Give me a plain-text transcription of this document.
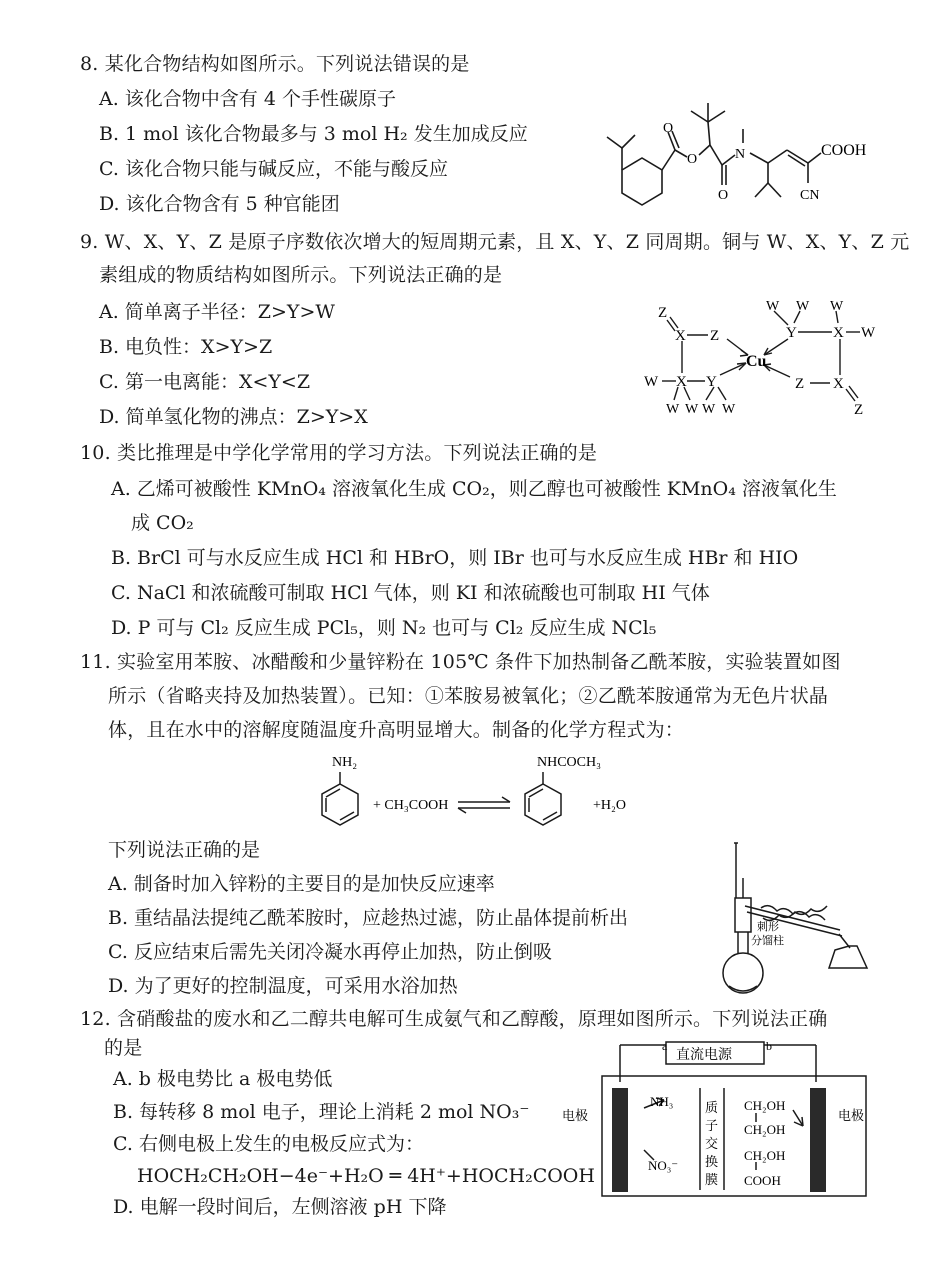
8. 某化合物结构如图所示。下列说法错误的是
A. 该化合物中含有 4 个手性碳原子
B. 1 mol 该化合物最多与 3 mol H₂ 发生加成反应
C. 该化合物只能与碱反应，不能与酸反应
D. 该化合物含有 5 种官能团
O
O
O
N	COOH
CN
9. W、X、Y、Z 是原子序数依次增大的短周期元素，且 X、Y、Z 同周期。铜与 W、X、Y、Z 元
素组成的物质结构如图所示。下列说法正确的是
A. 简单离子半径：Z>Y>W
B. 电负性：X>Y>Z
C. 第一电离能：X<Y<Z
D. 简单氢化物的沸点：Z>Y>X
Z
X Z
W X Y
W W W W
Cu
W W W
Y X W
Z X
Z
10. 类比推理是中学化学常用的学习方法。下列说法正确的是
A. 乙烯可被酸性 KMnO₄ 溶液氧化生成 CO₂，则乙醇也可被酸性 KMnO₄ 溶液氧化生
成 CO₂
B. BrCl 可与水反应生成 HCl 和 HBrO，则 IBr 也可与水反应生成 HBr 和 HIO
C. NaCl 和浓硫酸可制取 HCl 气体，则 KI 和浓硫酸也可制取 HI 气体
D. P 可与 Cl₂ 反应生成 PCl₅，则 N₂ 也可与 Cl₂ 反应生成 NCl₅
11. 实验室用苯胺、冰醋酸和少量锌粉在 105℃ 条件下加热制备乙酰苯胺，实验装置如图
所示（省略夹持及加热装置）。已知：①苯胺易被氧化；②乙酰苯胺通常为无色片状晶
体，且在水中的溶解度随温度升高明显增大。制备的化学方程式为：
NH₂
+ CH₃COOH
NHCOCH₃
+H₂O
下列说法正确的是
A. 制备时加入锌粉的主要目的是加快反应速率
B. 重结晶法提纯乙酰苯胺时，应趁热过滤，防止晶体提前析出
C. 反应结束后需先关闭冷凝水再停止加热，防止倒吸
D. 为了更好的控制温度，可采用水浴加热
刺形
分馏柱
12. 含硝酸盐的废水和乙二醇共电解可生成氨气和乙醇酸，原理如图所示。下列说法正确
的是
A. b 极电势比 a 极电势低
B. 每转移 8 mol 电子，理论上消耗 2 mol NO₃⁻
C. 右侧电极上发生的电极反应式为：
HOCH₂CH₂OH−4e⁻+H₂O ═ 4H⁺+HOCH₂COOH
D. 电解一段时间后，左侧溶液 pH 下降
a	b
直流电源
电极	电极
NH₃
NO₃⁻
质
子
交
换
膜
CH₂OH
CH₂OH
CH₂OH
COOH
